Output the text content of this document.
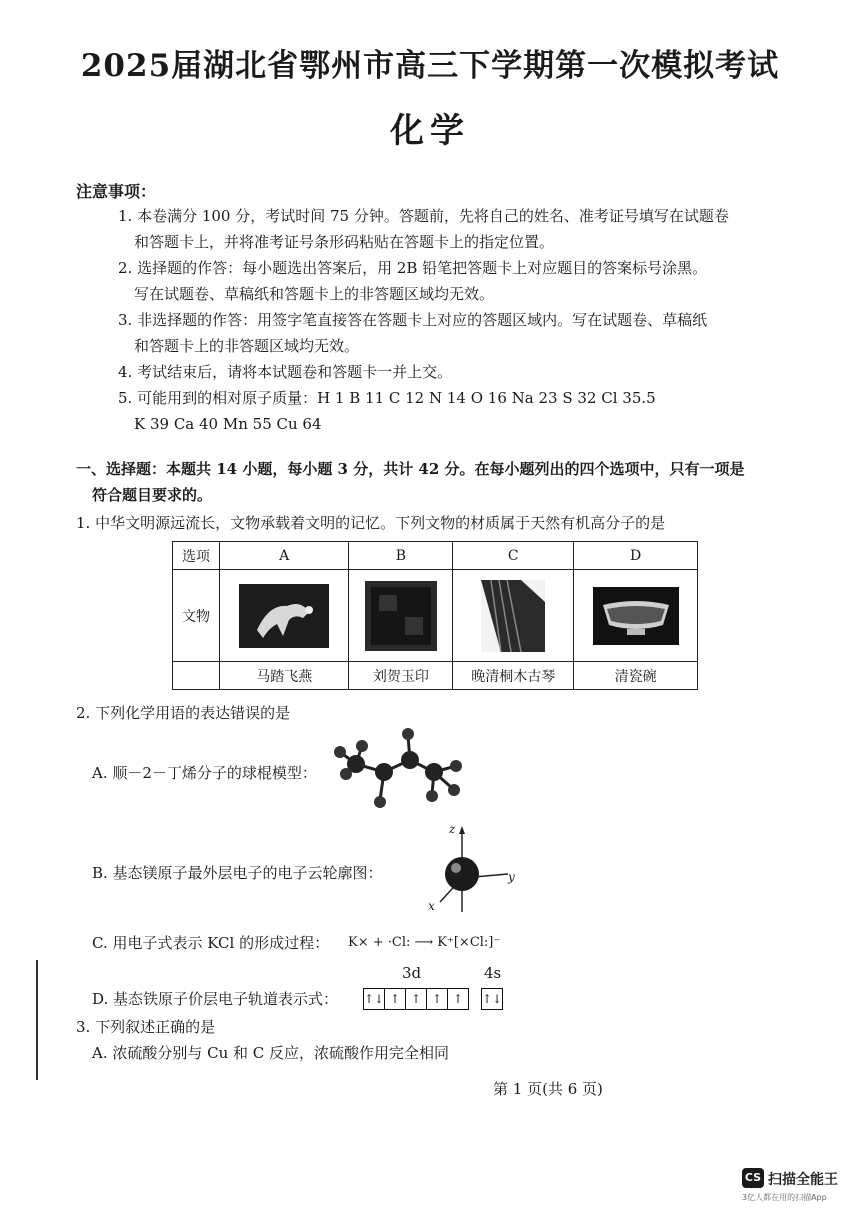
2025届湖北省鄂州市高三下学期第一次模拟考试
化学
注意事项：
1. 本卷满分 100 分，考试时间 75 分钟。答题前，先将自己的姓名、准考证号填写在试题卷
和答题卡上，并将准考证号条形码粘贴在答题卡上的指定位置。
2. 选择题的作答：每小题选出答案后，用 2B 铅笔把答题卡上对应题目的答案标号涂黑。
写在试题卷、草稿纸和答题卡上的非答题区域均无效。
3. 非选择题的作答：用签字笔直接答在答题卡上对应的答题区域内。写在试题卷、草稿纸
和答题卡上的非答题区域均无效。
4. 考试结束后，请将本试题卷和答题卡一并上交。
5. 可能用到的相对原子质量：H 1 B 11 C 12 N 14 O 16 Na 23 S 32 Cl 35.5
K 39 Ca 40 Mn 55 Cu 64
一、选择题：本题共 14 小题，每小题 3 分，共计 42 分。在每小题列出的四个选项中，只有一项是
符合题目要求的。
1. 中华文明源远流长，文物承载着文明的记忆。下列文物的材质属于天然有机高分子的是
选项	A	B	C	D
文物	

	马踏飞燕	刘贺玉印	晚清桐木古琴	清瓷碗
2. 下列化学用语的表达错误的是
A. 顺－2－丁烯分子的球棍模型：
B. 基态镁原子最外层电子的电子云轮廓图：
z
y
x
C. 用电子式表示 KCl 的形成过程： K× + ·Cl: ⟶ K⁺[×Cl:]⁻
3d	4s
D. 基态铁原子价层电子轨道表示式： ↑↓ ↑ ↑ ↑ ↑	↑↓
3. 下列叙述正确的是
A. 浓硫酸分别与 Cu 和 C 反应，浓硫酸作用完全相同
第 1 页(共 6 页)
CS 扫描全能王
3亿人都在用的扫描App
